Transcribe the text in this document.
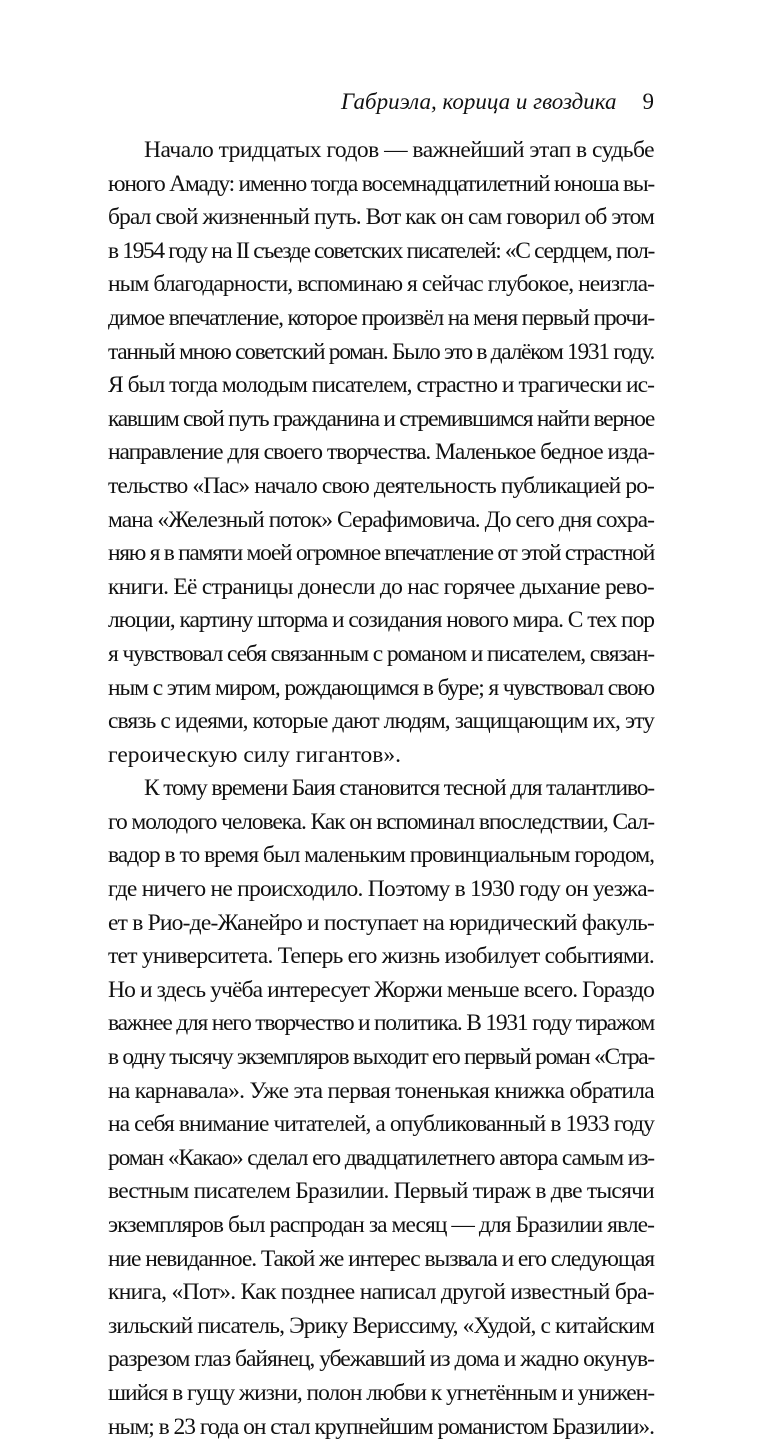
Габриэла, корица и гвоздика 9
Начало тридцатых годов — важнейший этап в судьбе
юного Амаду: именно тогда восемнадцатилетний юноша вы-
брал свой жизненный путь. Вот как он сам говорил об этом
в 1954 году на II съезде советских писателей: «С сердцем, пол-
ным благодарности, вспоминаю я сейчас глубокое, неизгла-
димое впечатление, которое произвёл на меня первый прочи-
танный мною советский роман. Было это в далёком 1931 году.
Я был тогда молодым писателем, страстно и трагически ис-
кавшим свой путь гражданина и стремившимся найти верное
направление для своего творчества. Маленькое бедное изда-
тельство «Пас» начало свою деятельность публикацией ро-
мана «Железный поток» Серафимовича. До сего дня сохра-
няю я в памяти моей огромное впечатление от этой страстной
книги. Её страницы донесли до нас горячее дыхание рево-
люции, картину шторма и созидания нового мира. С тех пор
я чувствовал себя связанным с романом и писателем, связан-
ным с этим миром, рождающимся в буре; я чувствовал свою
связь с идеями, которые дают людям, защищающим их, эту
героическую силу гигантов».
К тому времени Баия становится тесной для талантливо-
го молодого человека. Как он вспоминал впоследствии, Сал-
вадор в то время был маленьким провинциальным городом,
где ничего не происходило. Поэтому в 1930 году он уезжа-
ет в Рио-де-Жанейро и поступает на юридический факуль-
тет университета. Теперь его жизнь изобилует событиями.
Но и здесь учёба интересует Жоржи меньше всего. Гораздо
важнее для него творчество и политика. В 1931 году тиражом
в одну тысячу экземпляров выходит его первый роман «Стра-
на карнавала». Уже эта первая тоненькая книжка обратила
на себя внимание читателей, а опубликованный в 1933 году
роман «Какао» сделал его двадцатилетнего автора самым из-
вестным писателем Бразилии. Первый тираж в две тысячи
экземпляров был распродан за месяц — для Бразилии явле-
ние невиданное. Такой же интерес вызвала и его следующая
книга, «Пот». Как позднее написал другой известный бра-
зильский писатель, Эрику Вериссиму, «Худой, с китайским
разрезом глаз байянец, убежавший из дома и жадно окунув-
шийся в гущу жизни, полон любви к угнетённым и унижен-
ным; в 23 года он стал крупнейшим романистом Бразилии».
